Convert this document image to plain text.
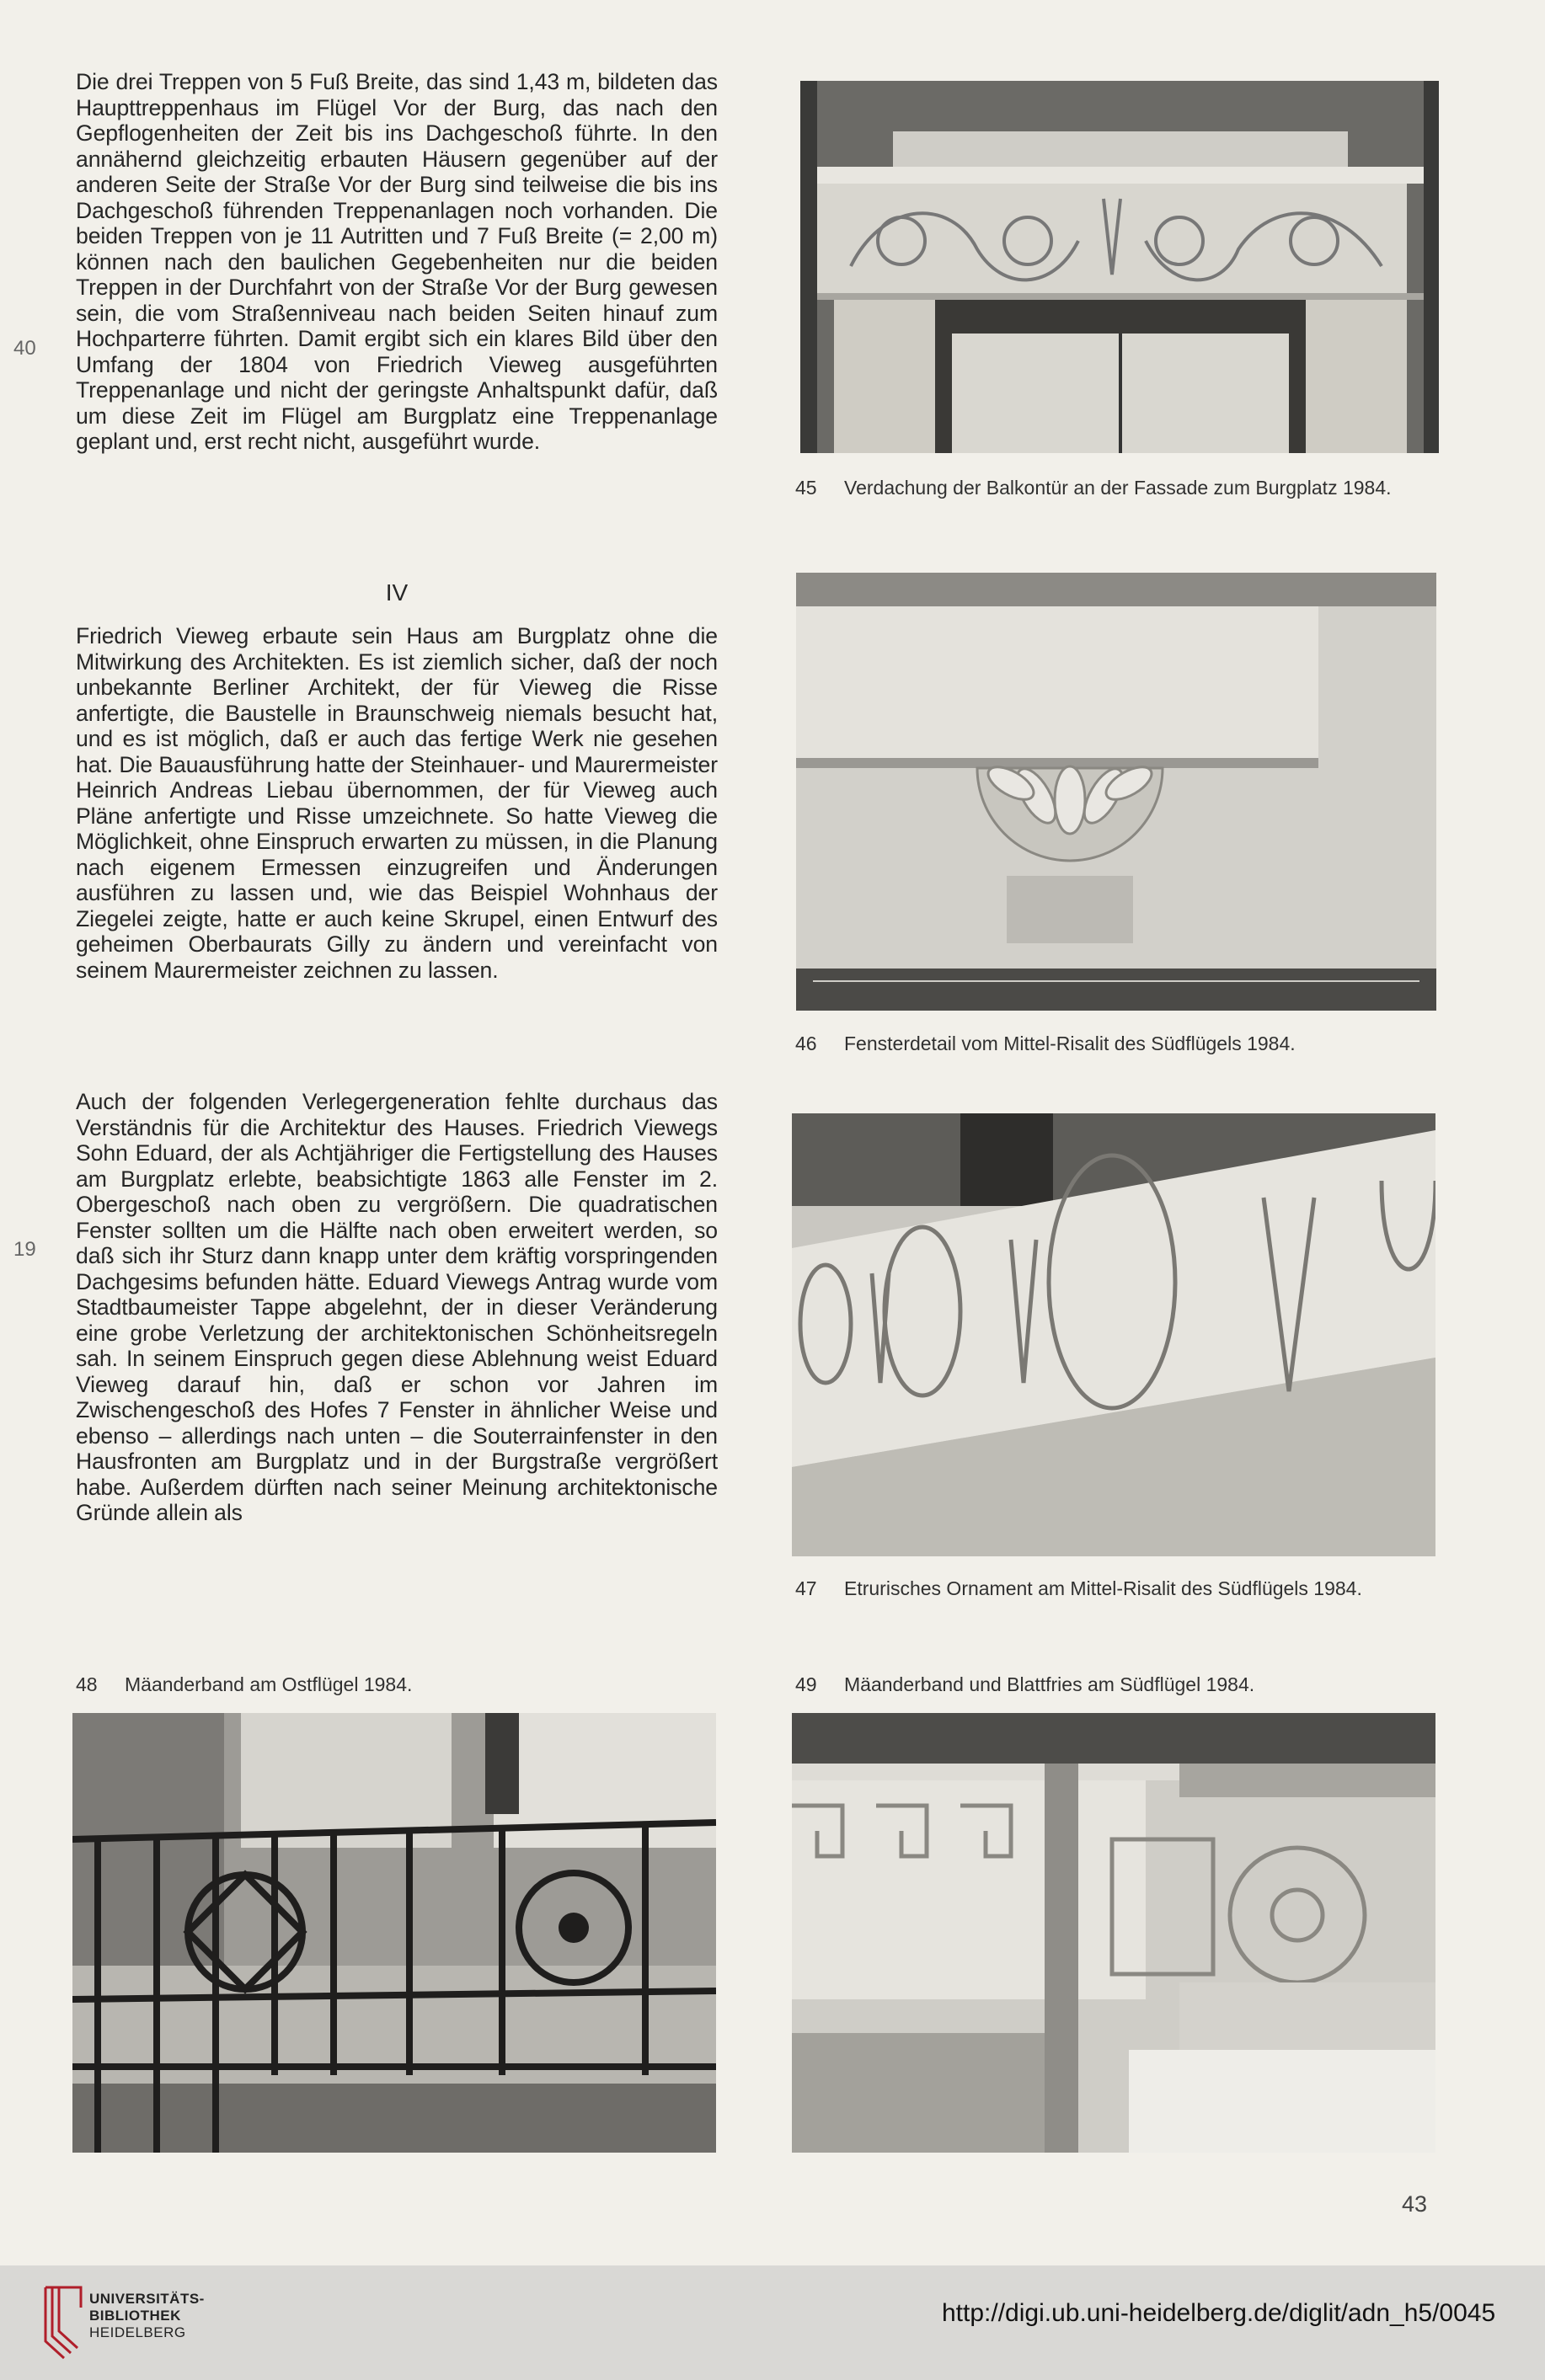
Die drei Treppen von 5 Fuß Breite, das sind 1,43 m, bildeten das Haupttreppenhaus im Flügel Vor der Burg, das nach den Gepflogenheiten der Zeit bis ins Dachgeschoß führte. In den annähernd gleichzeitig erbauten Häusern gegenüber auf der anderen Seite der Straße Vor der Burg sind teilweise die bis ins Dachgeschoß führenden Treppenanlagen noch vorhanden. Die beiden Treppen von je 11 Autritten und 7 Fuß Breite (= 2,00 m) können nach den baulichen Gegebenheiten nur die beiden Treppen in der Durchfahrt von der Straße Vor der Burg gewesen sein, die vom Straßenniveau nach beiden Seiten hinauf zum Hochparterre führten. Damit ergibt sich ein klares Bild über den Umfang der 1804 von Friedrich Vieweg ausgeführten Treppenanlage und nicht der geringste Anhaltspunkt dafür, daß um diese Zeit im Flügel am Burgplatz eine Treppenanlage geplant und, erst recht nicht, ausgeführt wurde.

IV

Friedrich Vieweg erbaute sein Haus am Burgplatz ohne die Mitwirkung des Architekten. Es ist ziemlich sicher, daß der noch unbekannte Berliner Architekt, der für Vieweg die Risse anfertigte, die Baustelle in Braunschweig niemals besucht hat, und es ist möglich, daß er auch das fertige Werk nie gesehen hat. Die Bauausführung hatte der Steinhauer- und Maurermeister Heinrich Andreas Liebau übernommen, der für Vieweg auch Pläne anfertigte und Risse umzeichnete. So hatte Vieweg die Möglichkeit, ohne Einspruch erwarten zu müssen, in die Planung nach eigenem Ermessen einzugreifen und Änderungen ausführen zu lassen und, wie das Beispiel Wohnhaus der Ziegelei zeigte, hatte er auch keine Skrupel, einen Entwurf des geheimen Oberbaurats Gilly zu ändern und vereinfacht von seinem Maurermeister zeichnen zu lassen.

Auch der folgenden Verlegergeneration fehlte durchaus das Verständnis für die Architektur des Hauses. Friedrich Viewegs Sohn Eduard, der als Achtjähriger die Fertigstellung des Hauses am Burgplatz erlebte, beabsichtigte 1863 alle Fenster im 2. Obergeschoß nach oben zu vergrößern. Die quadratischen Fenster sollten um die Hälfte nach oben erweitert werden, so daß sich ihr Sturz dann knapp unter dem kräftig vorspringenden Dachgesims befunden hätte. Eduard Viewegs Antrag wurde vom Stadtbaumeister Tappe abgelehnt, der in dieser Veränderung eine grobe Verletzung der architektonischen Schönheitsregeln sah. In seinem Einspruch gegen diese Ablehnung weist Eduard Vieweg darauf hin, daß er schon vor Jahren im Zwischengeschoß des Hofes 7 Fenster in ähnlicher Weise und ebenso – allerdings nach unten – die Souterrainfenster in den Hausfronten am Burgplatz und in der Burgstraße vergrößert habe. Außerdem dürften nach seiner Meinung architektonische Gründe allein als

40
19
45 Verdachung der Balkontür an der Fassade zum Burgplatz 1984.
46 Fensterdetail vom Mittel-Risalit des Südflügels 1984.
47 Etrurisches Ornament am Mittel-Risalit des Südflügels 1984.
48 Mäanderband am Ostflügel 1984.	49 Mäanderband und Blattfries am Südflügel 1984.
43
UNIVERSITÄTS-
BIBLIOTHEK
HEIDELBERG
http://digi.ub.uni-heidelberg.de/diglit/adn_h5/0045
